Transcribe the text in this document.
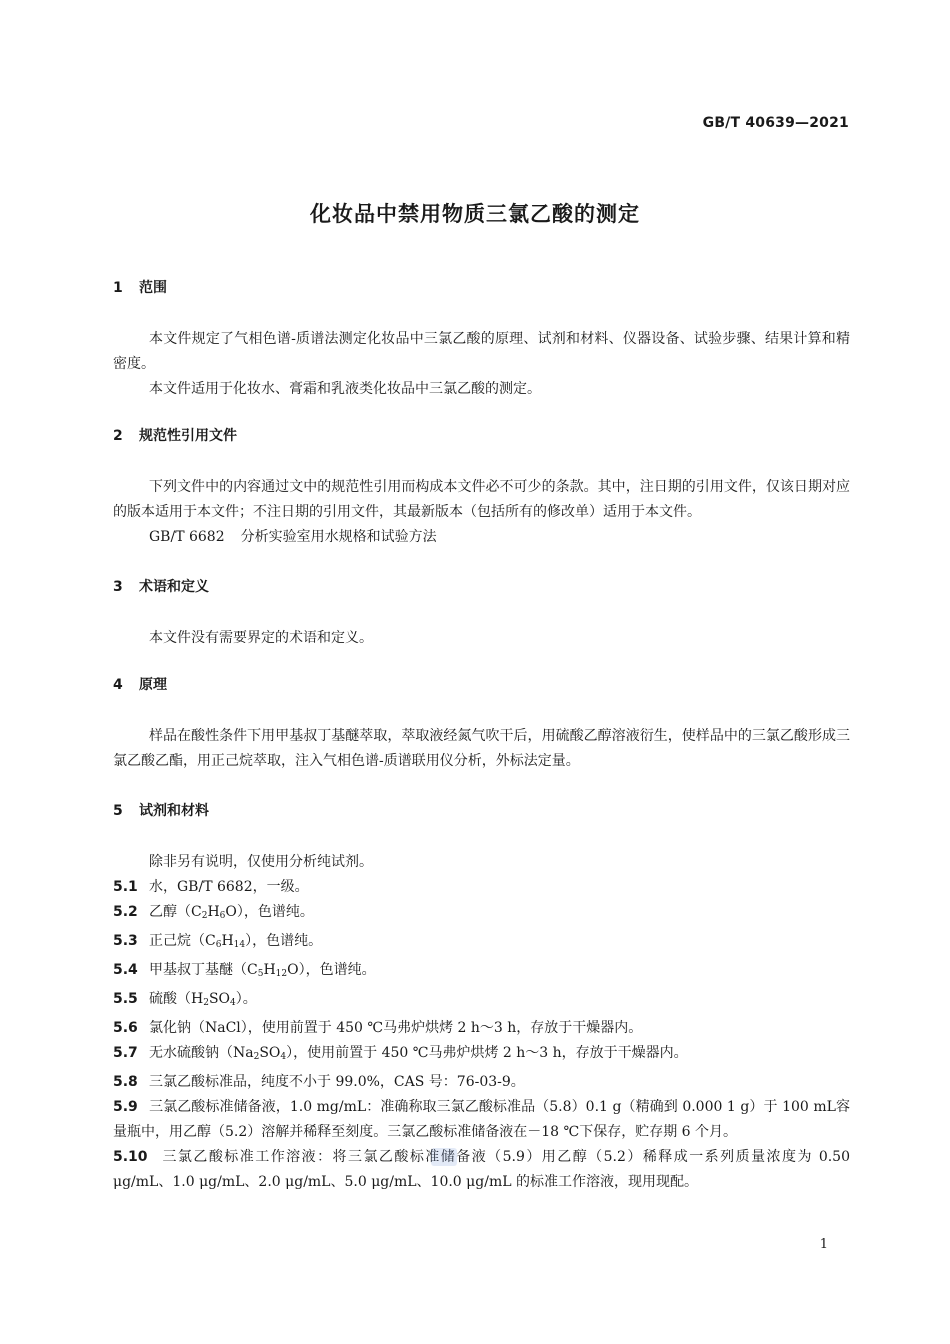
GB/T 40639—2021
化妆品中禁用物质三氯乙酸的测定
1 范围
本文件规定了气相色谱-质谱法测定化妆品中三氯乙酸的原理、试剂和材料、仪器设备、试验步骤、结果计算和精密度。
本文件适用于化妆水、膏霜和乳液类化妆品中三氯乙酸的测定。
2 规范性引用文件
下列文件中的内容通过文中的规范性引用而构成本文件必不可少的条款。其中，注日期的引用文件，仅该日期对应的版本适用于本文件；不注日期的引用文件，其最新版本（包括所有的修改单）适用于本文件。
GB/T 6682 分析实验室用水规格和试验方法
3 术语和定义
本文件没有需要界定的术语和定义。
4 原理
样品在酸性条件下用甲基叔丁基醚萃取，萃取液经氮气吹干后，用硫酸乙醇溶液衍生，使样品中的三氯乙酸形成三氯乙酸乙酯，用正己烷萃取，注入气相色谱-质谱联用仪分析，外标法定量。
5 试剂和材料
除非另有说明，仅使用分析纯试剂。
5.1 水，GB/T 6682，一级。
5.2 乙醇$(C_2H_6O)$，色谱纯。
5.3 正己烷$(C_6H_{14})$，色谱纯。
5.4 甲基叔丁基醚$(C_5H_{12}O)$，色谱纯。
5.5 硫酸$(H_2SO_4)$。
5.6 氯化钠（NaCl），使用前置于 450 ℃马弗炉烘烤 2 h～3 h，存放于干燥器内。
5.7 无水硫酸钠$(Na_2SO_4)$，使用前置于 450 ℃马弗炉烘烤 2 h～3 h，存放于干燥器内。
5.8 三氯乙酸标准品，纯度不小于 99.0%，CAS 号：76-03-9。
5.9 三氯乙酸标准储备液，1.0 mg/mL：准确称取三氯乙酸标准品（5.8）0.1 g（精确到 0.000 1 g）于 100 mL容量瓶中，用乙醇（5.2）溶解并稀释至刻度。三氯乙酸标准储备液在－18 ℃下保存，贮存期 6 个月。
5.10 三氯乙酸标准工作溶液：将三氯乙酸标准储备液（5.9）用乙醇（5.2）稀释成一系列质量浓度为 0.50 μg/mL、1.0 μg/mL、2.0 μg/mL、5.0 μg/mL、10.0 μg/mL 的标准工作溶液，现用现配。
1
